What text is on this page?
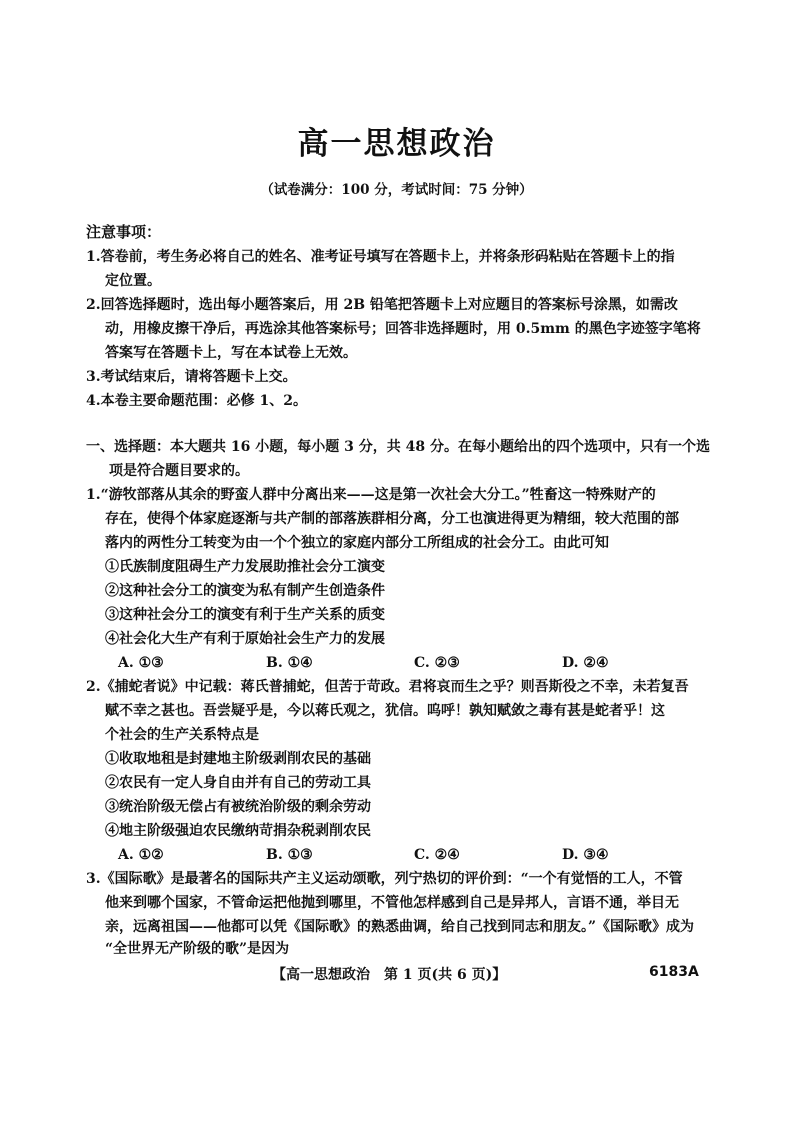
高一思想政治
（试卷满分：100 分，考试时间：75 分钟）
注意事项：
1.答卷前，考生务必将自己的姓名、准考证号填写在答题卡上，并将条形码粘贴在答题卡上的指
定位置。
2.回答选择题时，选出每小题答案后，用 2B 铅笔把答题卡上对应题目的答案标号涂黑，如需改
动，用橡皮擦干净后，再选涂其他答案标号；回答非选择题时，用 0.5mm 的黑色字迹签字笔将
答案写在答题卡上，写在本试卷上无效。
3.考试结束后，请将答题卡上交。
4.本卷主要命题范围：必修 1、2。
一、选择题：本大题共 16 小题，每小题 3 分，共 48 分。在每小题给出的四个选项中，只有一个选
项是符合题目要求的。
1.“游牧部落从其余的野蛮人群中分离出来——这是第一次社会大分工。”牲畜这一特殊财产的
存在，使得个体家庭逐渐与共产制的部落族群相分离，分工也演进得更为精细，较大范围的部
落内的两性分工转变为由一个个独立的家庭内部分工所组成的社会分工。由此可知
①氏族制度阻碍生产力发展助推社会分工演变
②这种社会分工的演变为私有制产生创造条件
③这种社会分工的演变有利于生产关系的质变
④社会化大生产有利于原始社会生产力的发展
A. ①③	B. ①④	C. ②③	D. ②④
2.《捕蛇者说》中记载：蒋氏普捕蛇，但苦于苛政。君将哀而生之乎？则吾斯役之不幸，未若复吾
赋不幸之甚也。吾尝疑乎是，今以蒋氏观之，犹信。呜呼！孰知赋敛之毒有甚是蛇者乎！这
个社会的生产关系特点是
①收取地租是封建地主阶级剥削农民的基础
②农民有一定人身自由并有自己的劳动工具
③统治阶级无偿占有被统治阶级的剩余劳动
④地主阶级强迫农民缴纳苛捐杂税剥削农民
A. ①②	B. ①③	C. ②④	D. ③④
3.《国际歌》是最著名的国际共产主义运动颂歌，列宁热切的评价到：“一个有觉悟的工人，不管
他来到哪个国家，不管命运把他抛到哪里，不管他怎样感到自己是异邦人，言语不通，举目无
亲，远离祖国——他都可以凭《国际歌》的熟悉曲调，给自己找到同志和朋友。”《国际歌》成为
“全世界无产阶级的歌”是因为
【高一思想政治　第 1 页(共 6 页)】	6183A
